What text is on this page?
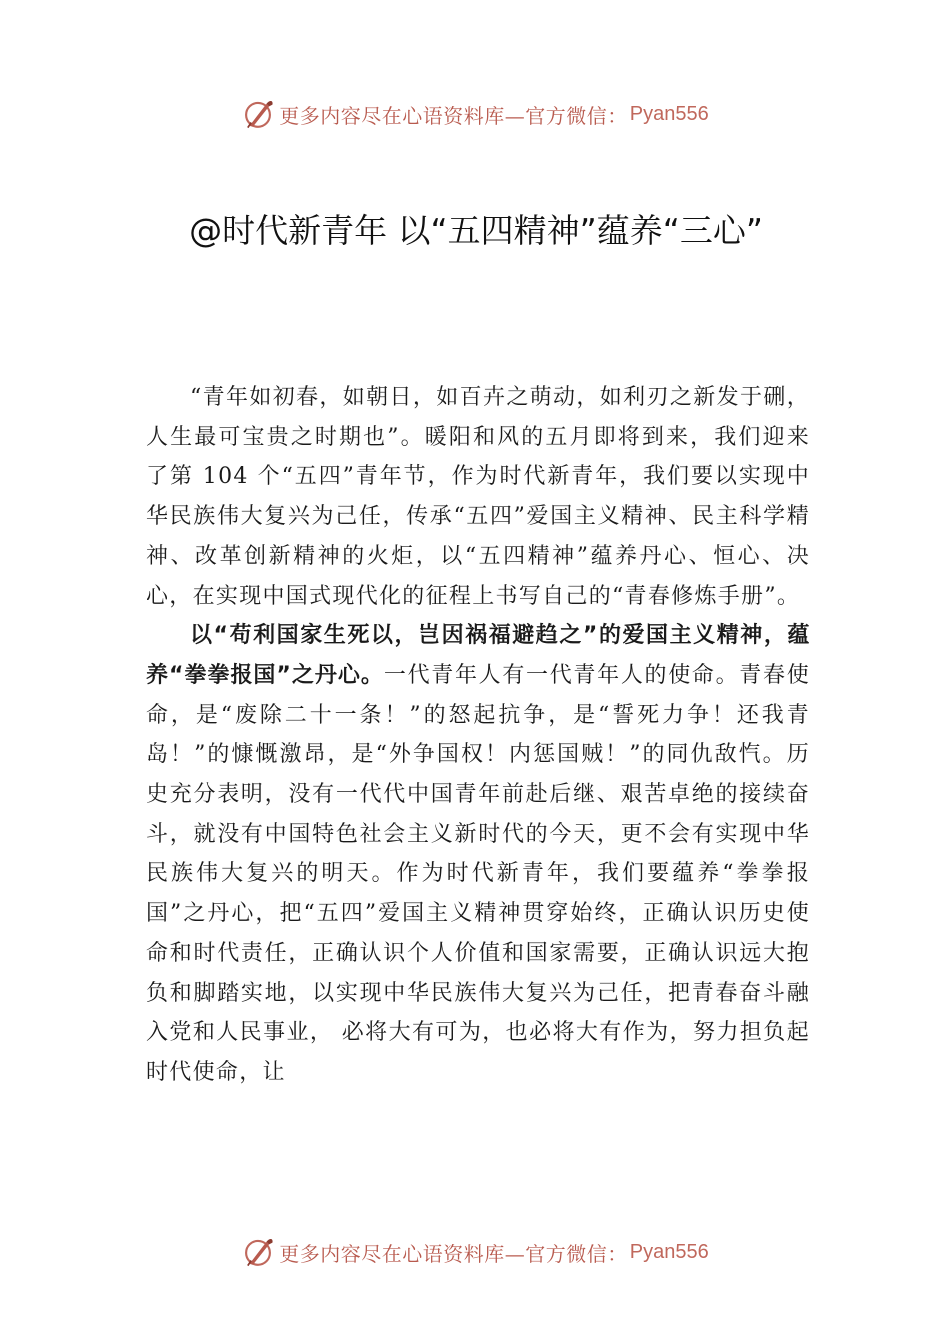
更多内容尽在心语资料库—官方微信： Pyan556
@时代新青年 以“五四精神”蕴养“三心”

“青年如初春，如朝日，如百卉之萌动，如利刃之新发于硎，人生最可宝贵之时期也”。暖阳和风的五月即将到来，我们迎来了第 104 个“五四”青年节，作为时代新青年，我们要以实现中华民族伟大复兴为己任，传承“五四”爱国主义精神、民主科学精神、改革创新精神的火炬，以“五四精神”蕴养丹心、恒心、决心，在实现中国式现代化的征程上书写自己的“青春修炼手册”。

以“苟利国家生死以，岂因祸福避趋之”的爱国主义精神，蕴养“拳拳报国”之丹心。一代青年人有一代青年人的使命。青春使命，是“废除二十一条！”的怒起抗争，是“誓死力争！还我青岛！”的慷慨激昂，是“外争国权！内惩国贼！”的同仇敌忾。历史充分表明，没有一代代中国青年前赴后继、艰苦卓绝的接续奋斗，就没有中国特色社会主义新时代的今天，更不会有实现中华民族伟大复兴的明天。作为时代新青年，我们要蕴养“拳拳报国”之丹心，把“五四”爱国主义精神贯穿始终，正确认识历史使命和时代责任，正确认识个人价值和国家需要，正确认识远大抱负和脚踏实地，以实现中华民族伟大复兴为己任，把青春奋斗融入党和人民事业， 必将大有可为，也必将大有作为，努力担负起时代使命，让

更多内容尽在心语资料库—官方微信： Pyan556
